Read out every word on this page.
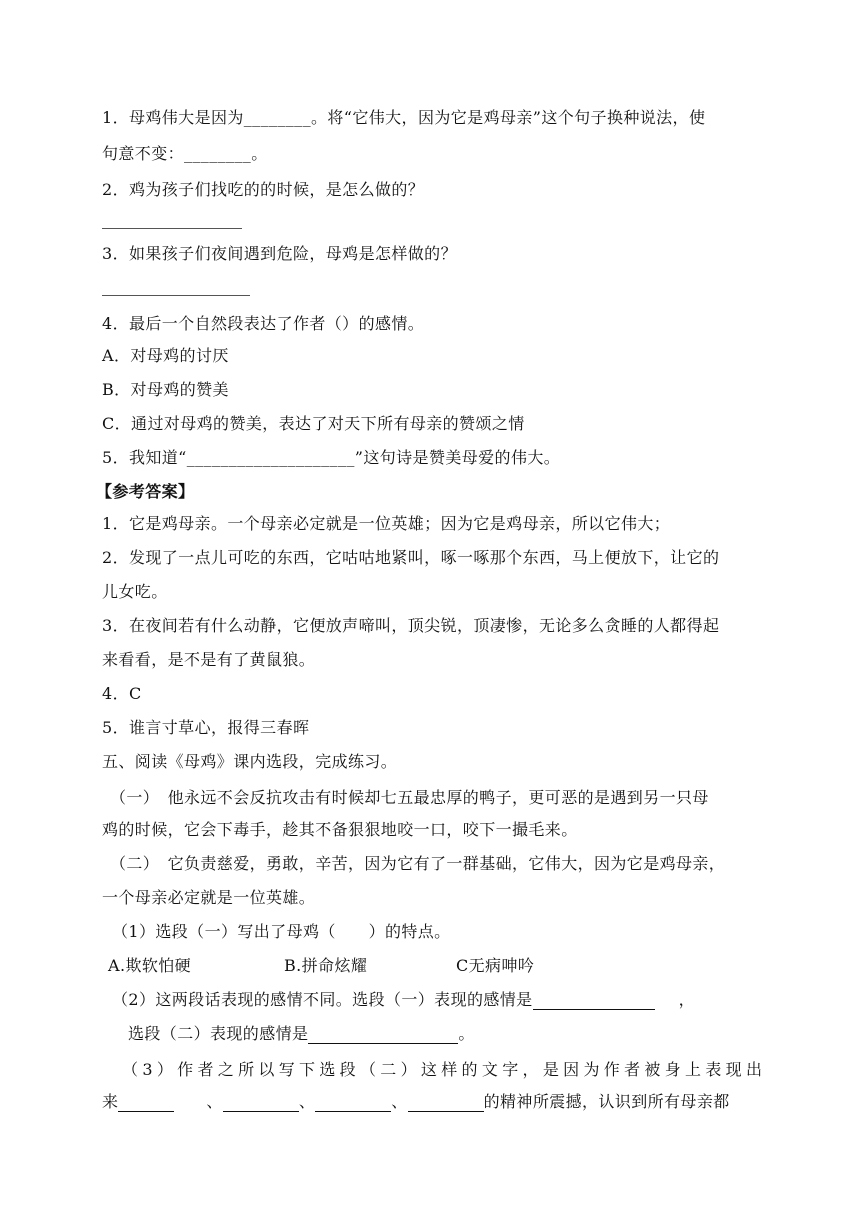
1．母鸡伟大是因为________。将“它伟大，因为它是鸡母亲”这个句子换种说法，使
句意不变：________。
2．鸡为孩子们找吃的的时候，是怎么做的？
3．如果孩子们夜间遇到危险，母鸡是怎样做的？
4．最后一个自然段表达了作者（）的感情。
A．对母鸡的讨厌
B．对母鸡的赞美
C．通过对母鸡的赞美，表达了对天下所有母亲的赞颂之情
5．我知道“____________________”这句诗是赞美母爱的伟大。
【参考答案】
1．它是鸡母亲。一个母亲必定就是一位英雄；因为它是鸡母亲，所以它伟大；
2．发现了一点儿可吃的东西，它咕咕地紧叫，啄一啄那个东西，马上便放下，让它的
儿女吃。
3．在夜间若有什么动静，它便放声啼叫，顶尖锐，顶凄惨，无论多么贪睡的人都得起
来看看，是不是有了黄鼠狼。
4．C
5．谁言寸草心，报得三春晖
五、阅读《母鸡》课内选段，完成练习。
（一）　他永远不会反抗攻击有时候却七五最忠厚的鸭子，更可恶的是遇到另一只母
鸡的时候，它会下毒手，趁其不备狠狠地咬一口，咬下一撮毛来。
（二）　它负责慈爱，勇敢，辛苦，因为它有了一群基础，它伟大，因为它是鸡母亲，
一个母亲必定就是一位英雄。
（1）选段（一）写出了母鸡（　　）的特点。
A.欺软怕硬	B.拼命炫耀	C无病呻吟
（2）这两段话表现的感情不同。选段（一）表现的感情是	，
选段（二）表现的感情是	。
（3）作者之所以写下选段（二）这样的文字，是因为作者被身上表现出
来	、	、	、	的精神所震撼，认识到所有母亲都
